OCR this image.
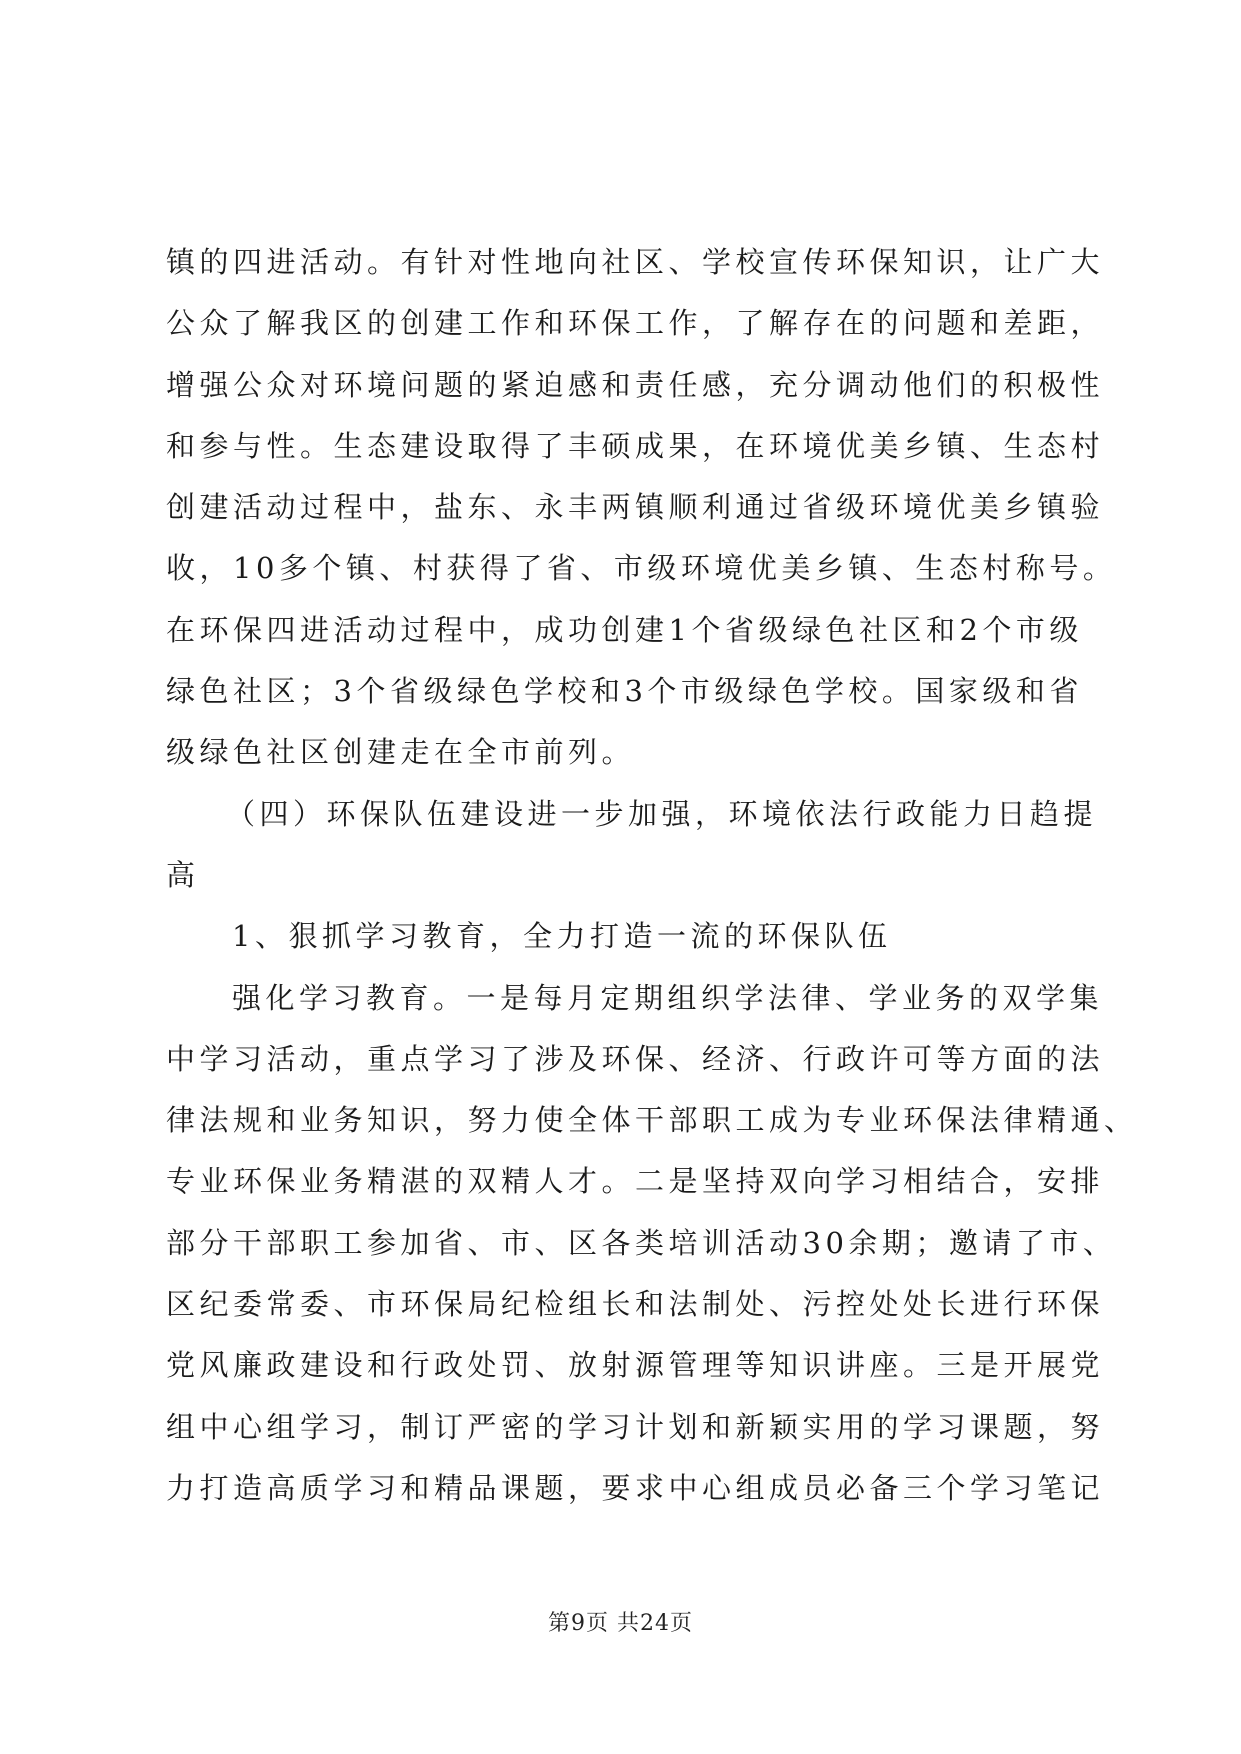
镇的四进活动。有针对性地向社区、学校宣传环保知识，让广大
公众了解我区的创建工作和环保工作，了解存在的问题和差距，
增强公众对环境问题的紧迫感和责任感，充分调动他们的积极性
和参与性。生态建设取得了丰硕成果，在环境优美乡镇、生态村
创建活动过程中，盐东、永丰两镇顺利通过省级环境优美乡镇验
收，10多个镇、村获得了省、市级环境优美乡镇、生态村称号。
在环保四进活动过程中，成功创建1个省级绿色社区和2个市级
绿色社区；3个省级绿色学校和3个市级绿色学校。国家级和省
级绿色社区创建走在全市前列。
（四）环保队伍建设进一步加强，环境依法行政能力日趋提
高
1、狠抓学习教育，全力打造一流的环保队伍
强化学习教育。一是每月定期组织学法律、学业务的双学集
中学习活动，重点学习了涉及环保、经济、行政许可等方面的法
律法规和业务知识，努力使全体干部职工成为专业环保法律精通、
专业环保业务精湛的双精人才。二是坚持双向学习相结合，安排
部分干部职工参加省、市、区各类培训活动30余期；邀请了市、
区纪委常委、市环保局纪检组长和法制处、污控处处长进行环保
党风廉政建设和行政处罚、放射源管理等知识讲座。三是开展党
组中心组学习，制订严密的学习计划和新颖实用的学习课题，努
力打造高质学习和精品课题，要求中心组成员必备三个学习笔记
第9页 共24页
